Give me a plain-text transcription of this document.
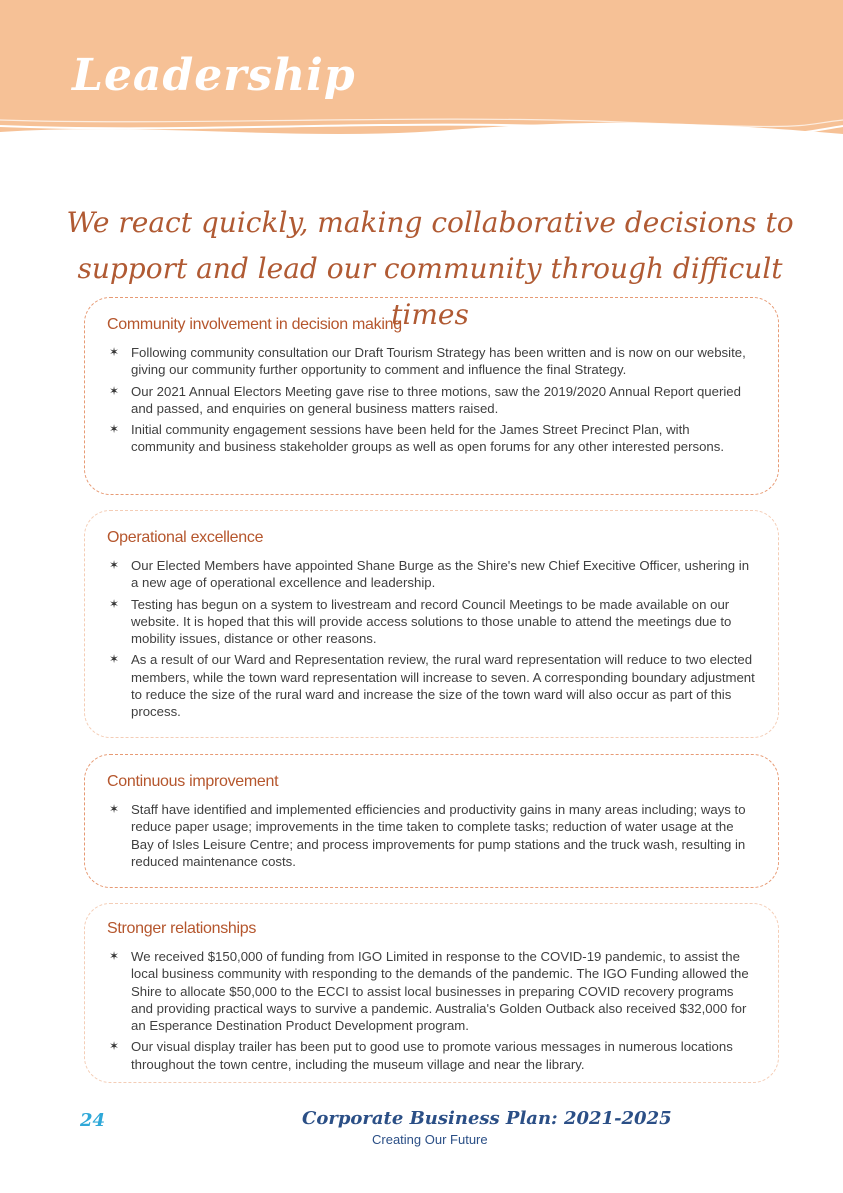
Leadership

We react quickly, making collaborative decisions to support and lead our community through difficult times

Community involvement in decision making
✶ Following community consultation our Draft Tourism Strategy has been written and is now on our website, giving our community further opportunity to comment and influence the final Strategy.
✶ Our 2021 Annual Electors Meeting gave rise to three motions, saw the 2019/2020 Annual Report queried and passed, and enquiries on general business matters raised.
✶ Initial community engagement sessions have been held for the James Street Precinct Plan, with community and business stakeholder groups as well as open forums for any other interested persons.
Operational excellence
✶ Our Elected Members have appointed Shane Burge as the Shire's new Chief Execitive Officer, ushering in a new age of operational excellence and leadership.
✶ Testing has begun on a system to livestream and record Council Meetings to be made available on our website. It is hoped that this will provide access solutions to those unable to attend the meetings due to mobility issues, distance or other reasons.
✶ As a result of our Ward and Representation review, the rural ward representation will reduce to two elected members, while the town ward representation will increase to seven. A corresponding boundary adjustment to reduce the size of the rural ward and increase the size of the town ward will also occur as part of this process.
Continuous improvement
✶ Staff have identified and implemented efficiencies and productivity gains in many areas including; ways to reduce paper usage; improvements in the time taken to complete tasks; reduction of water usage at the Bay of Isles Leisure Centre; and process improvements for pump stations and the truck wash, resulting in reduced maintenance costs.
Stronger relationships
✶ We received $150,000 of funding from IGO Limited in response to the COVID-19 pandemic, to assist the local business community with responding to the demands of the pandemic. The IGO Funding allowed the Shire to allocate $50,000 to the ECCI to assist local businesses in preparing COVID recovery programs and providing practical ways to survive a pandemic. Australia's Golden Outback also received $32,000 for an Esperance Destination Product Development program.
✶ Our visual display trailer has been put to good use to promote various messages in numerous locations throughout the town centre, including the museum village and near the library.
24	Corporate Business Plan: 2021-2025
Creating Our Future
